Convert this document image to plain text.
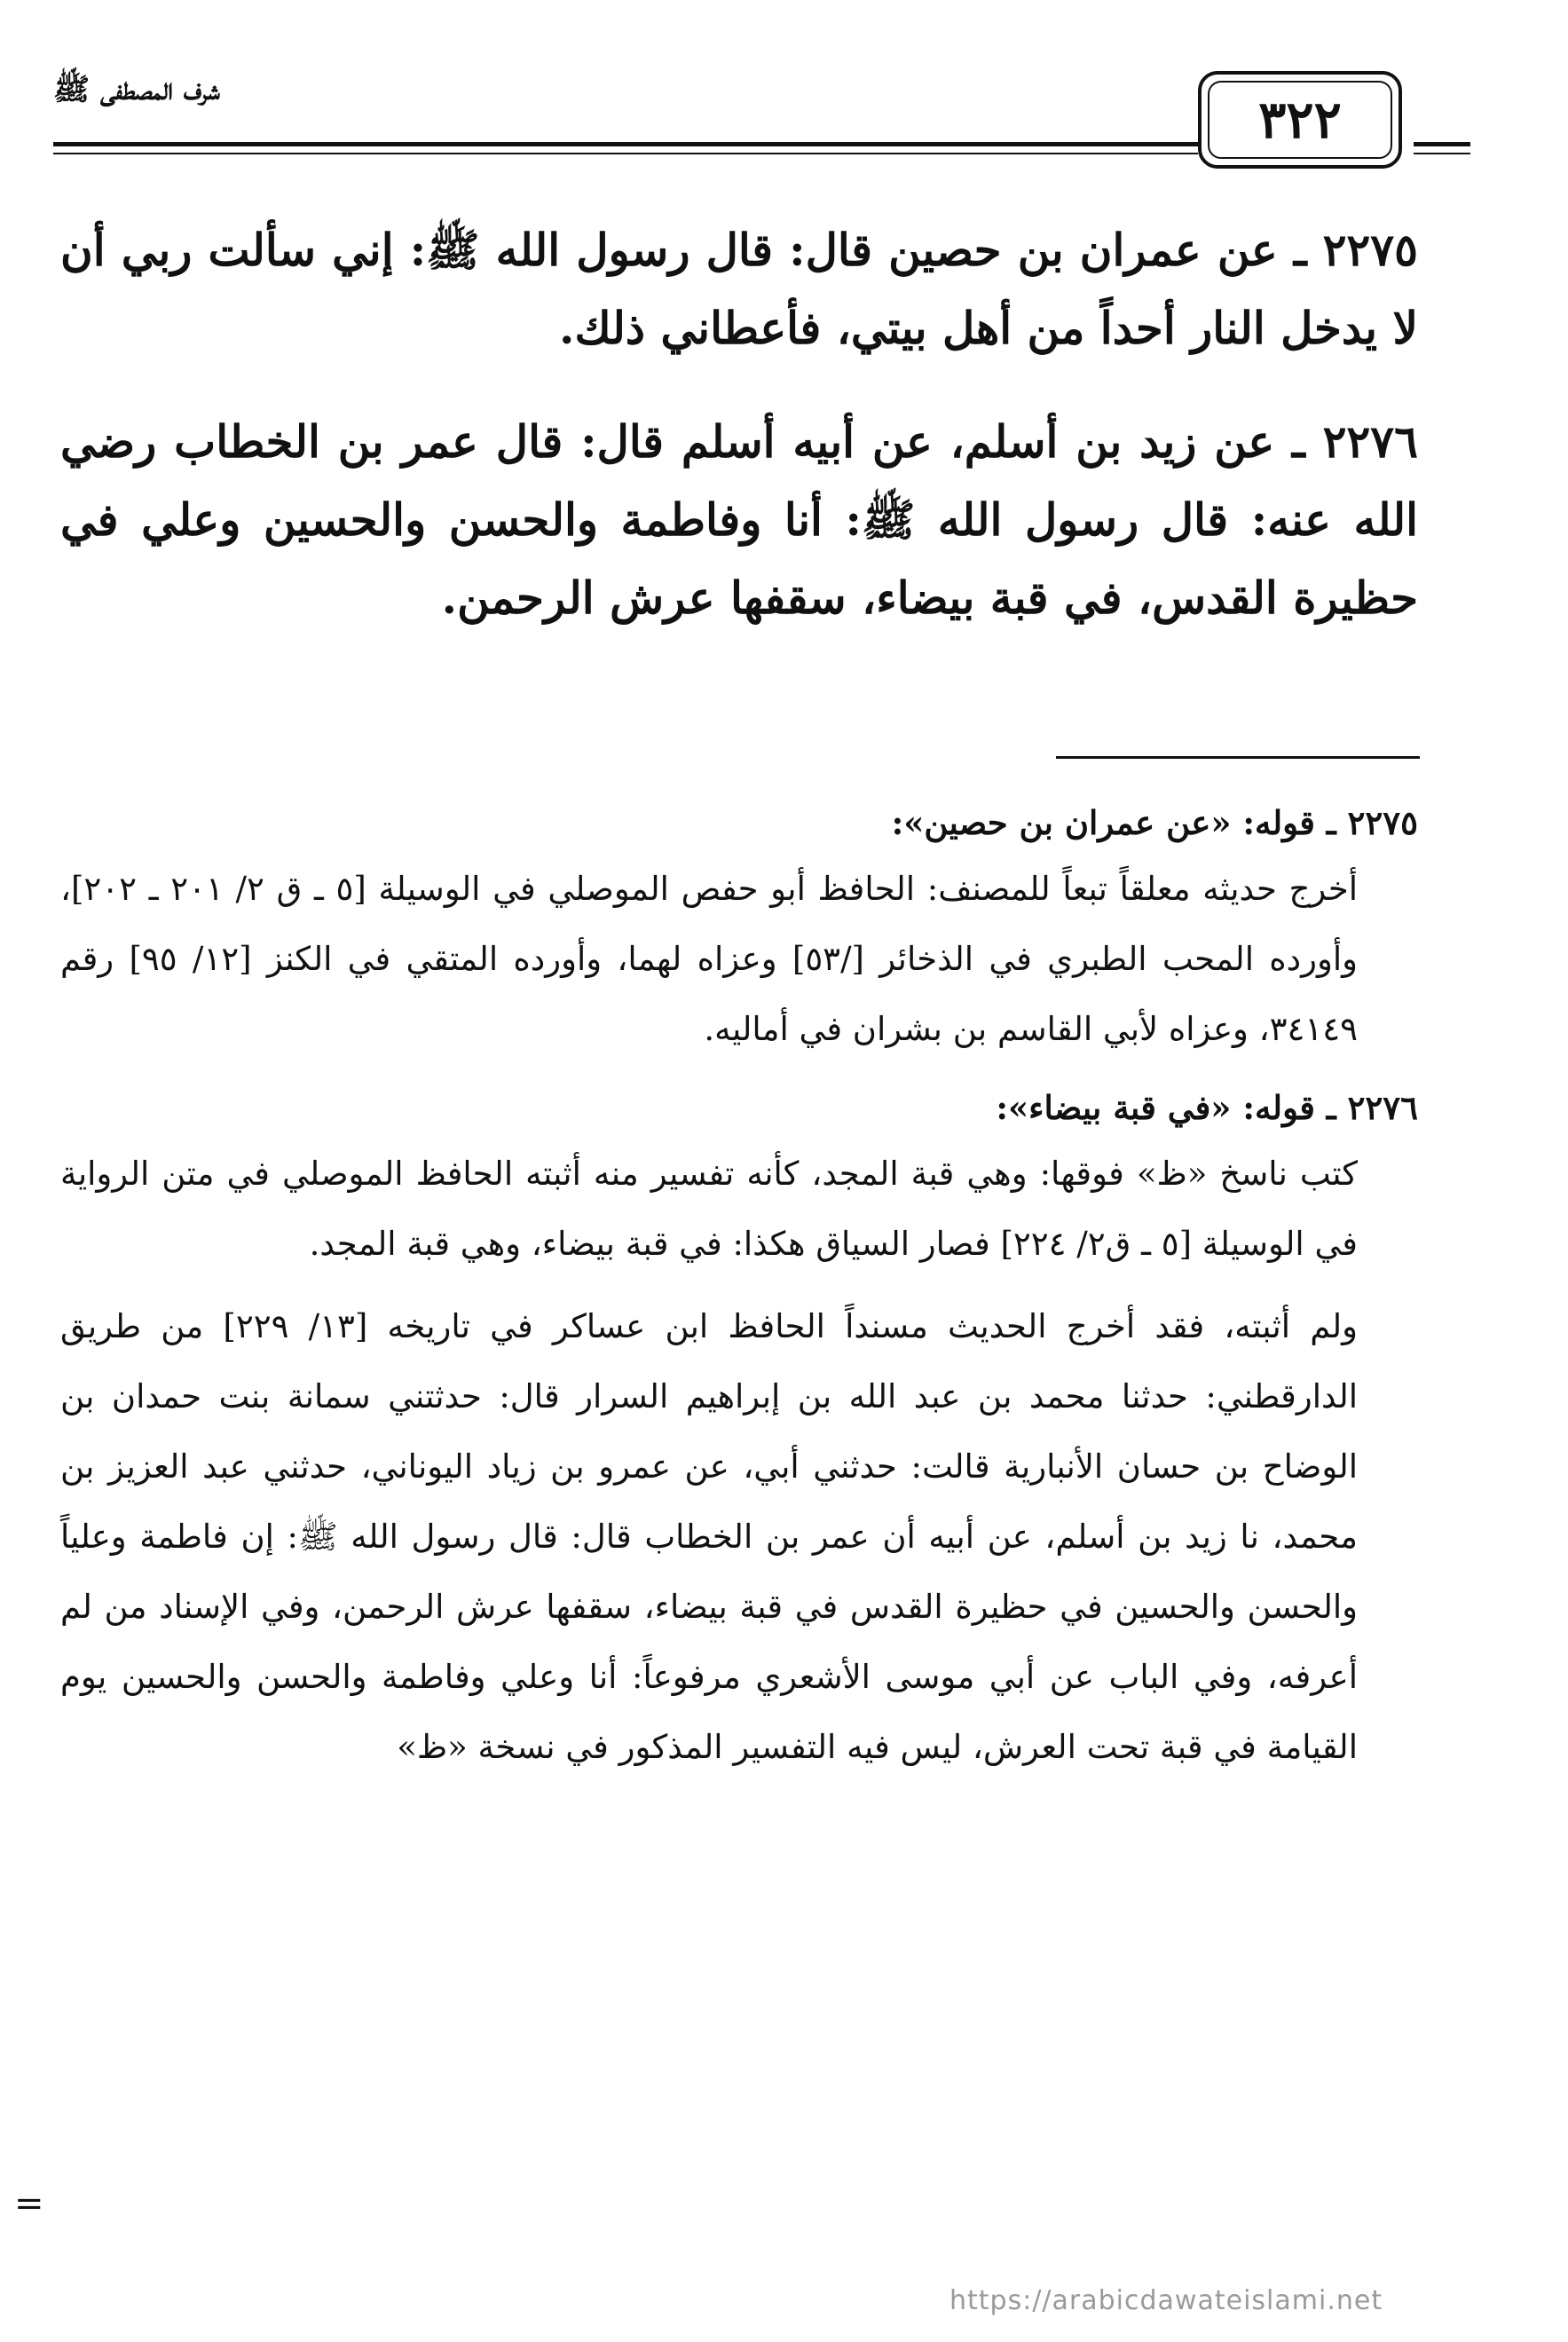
شرف المصطفى ﷺ	٣٢٢

٢٢٧٥ ـ عن عمران بن حصين قال: قال رسول الله ﷺ: إني سألت ربي أن لا يدخل النار أحداً من أهل بيتي، فأعطاني ذلك.

٢٢٧٦ ـ عن زيد بن أسلم، عن أبيه أسلم قال: قال عمر بن الخطاب رضي الله عنه: قال رسول الله ﷺ: أنا وفاطمة والحسن والحسين وعلي في حظيرة القدس، في قبة بيضاء، سقفها عرش الرحمن.

٢٢٧٥ ـ قوله: «عن عمران بن حصين»:

أخرج حديثه معلقاً تبعاً للمصنف: الحافظ أبو حفص الموصلي في الوسيلة [٥ ـ ق ٢/ ٢٠١ ـ ٢٠٢]، وأورده المحب الطبري في الذخائر [/٥٣] وعزاه لهما، وأورده المتقي في الكنز [١٢/ ٩٥] رقم ٣٤١٤٩، وعزاه لأبي القاسم بن بشران في أماليه.

٢٢٧٦ ـ قوله: «في قبة بيضاء»:

كتب ناسخ «ظ» فوقها: وهي قبة المجد، كأنه تفسير منه أثبته الحافظ الموصلي في متن الرواية في الوسيلة [٥ ـ ق٢/ ٢٢٤] فصار السياق هكذا: في قبة بيضاء، وهي قبة المجد.

ولم أثبته، فقد أخرج الحديث مسنداً الحافظ ابن عساكر في تاريخه [١٣/ ٢٢٩] من طريق الدارقطني: حدثنا محمد بن عبد الله بن إبراهيم السرار قال: حدثتني سمانة بنت حمدان بن الوضاح بن حسان الأنبارية قالت: حدثني أبي، عن عمرو بن زياد اليوناني، حدثني عبد العزيز بن محمد، نا زيد بن أسلم، عن أبيه أن عمر بن الخطاب قال: قال رسول الله ﷺ: إن فاطمة وعلياً والحسن والحسين في حظيرة القدس في قبة بيضاء، سقفها عرش الرحمن، وفي الإسناد من لم أعرفه، وفي الباب عن أبي موسى الأشعري مرفوعاً: أنا وعلي وفاطمة والحسن والحسين يوم القيامة في قبة تحت العرش، ليس فيه التفسير المذكور في نسخة «ظ»

=
https://arabicdawateislami.net
